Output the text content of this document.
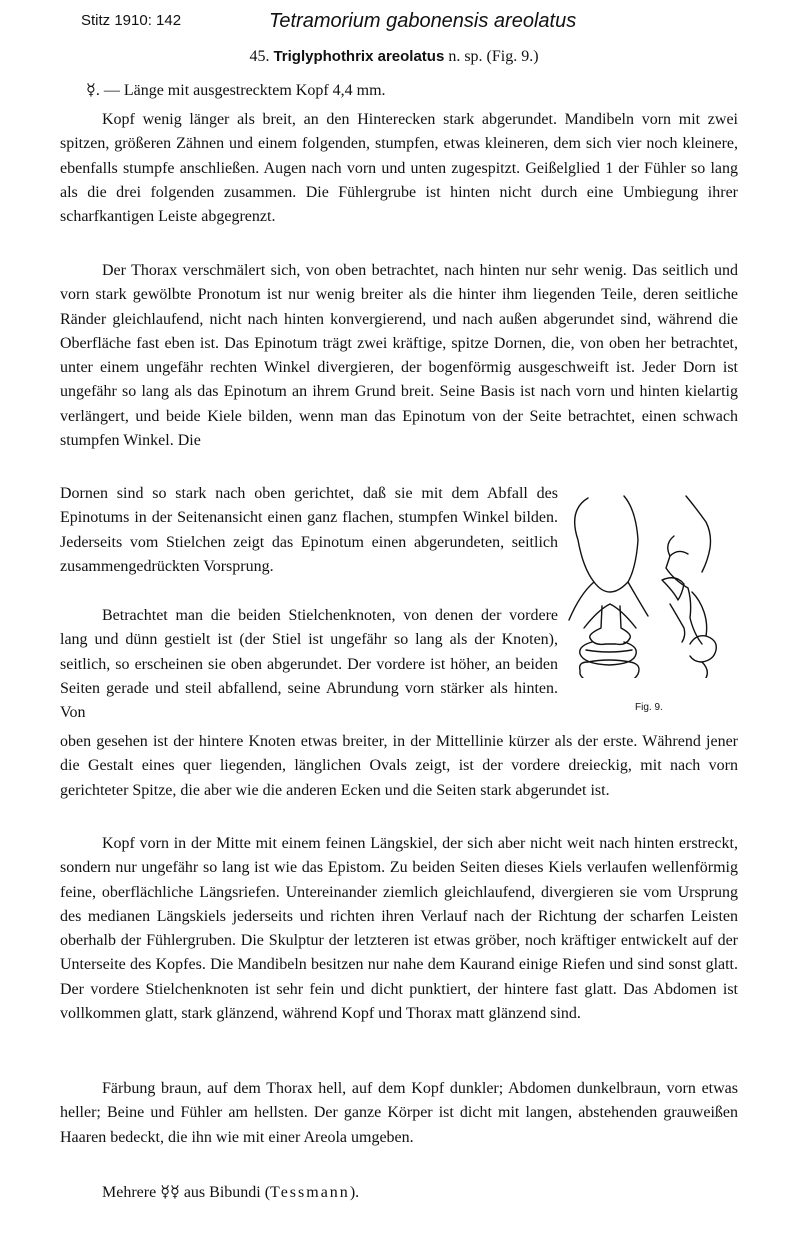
Stitz 1910: 142	Tetramorium gabonensis areolatus
45. Triglyphothrix areolatus n. sp. (Fig. 9.)
☿. — Länge mit ausgestrecktem Kopf 4,4 mm.

Kopf wenig länger als breit, an den Hinterecken stark abgerundet. Mandibeln vorn mit zwei spitzen, größeren Zähnen und einem folgenden, stumpfen, etwas kleineren, dem sich vier noch kleinere, ebenfalls stumpfe anschließen. Augen nach vorn und unten zugespitzt. Geißelglied 1 der Fühler so lang als die drei folgenden zusammen. Die Fühlergrube ist hinten nicht durch eine Umbiegung ihrer scharfkantigen Leiste abgegrenzt.

Der Thorax verschmälert sich, von oben betrachtet, nach hinten nur sehr wenig. Das seitlich und vorn stark gewölbte Pronotum ist nur wenig breiter als die hinter ihm liegenden Teile, deren seitliche Ränder gleichlaufend, nicht nach hinten konvergierend, und nach außen abgerundet sind, während die Oberfläche fast eben ist. Das Epinotum trägt zwei kräftige, spitze Dornen, die, von oben her betrachtet, unter einem ungefähr rechten Winkel divergieren, der bogenförmig ausgeschweift ist. Jeder Dorn ist ungefähr so lang als das Epinotum an ihrem Grund breit. Seine Basis ist nach vorn und hinten kielartig verlängert, und beide Kiele bilden, wenn man das Epinotum von der Seite betrachtet, einen schwach stumpfen Winkel. Die

Dornen sind so stark nach oben gerichtet, daß sie mit dem Abfall des Epinotums in der Seitenansicht einen ganz flachen, stumpfen Winkel bilden. Jederseits vom Stielchen zeigt das Epinotum einen abgerundeten, seitlich zusammengedrückten Vorsprung.

Betrachtet man die beiden Stielchenknoten, von denen der vordere lang und dünn gestielt ist (der Stiel ist ungefähr so lang als der Knoten), seitlich, so erscheinen sie oben abgerundet. Der vordere ist höher, an beiden Seiten gerade und steil abfallend, seine Abrundung vorn stärker als hinten. Von

oben gesehen ist der hintere Knoten etwas breiter, in der Mittellinie kürzer als der erste. Während jener die Gestalt eines quer liegenden, länglichen Ovals zeigt, ist der vordere dreieckig, mit nach vorn gerichteter Spitze, die aber wie die anderen Ecken und die Seiten stark abgerundet ist.

Kopf vorn in der Mitte mit einem feinen Längskiel, der sich aber nicht weit nach hinten erstreckt, sondern nur ungefähr so lang ist wie das Epistom. Zu beiden Seiten dieses Kiels verlaufen wellenförmig feine, oberflächliche Längsriefen. Untereinander ziemlich gleichlaufend, divergieren sie vom Ursprung des medianen Längskiels jederseits und richten ihren Verlauf nach der Richtung der scharfen Leisten oberhalb der Fühlergruben. Die Skulptur der letzteren ist etwas gröber, noch kräftiger entwickelt auf der Unterseite des Kopfes. Die Mandibeln besitzen nur nahe dem Kaurand einige Riefen und sind sonst glatt. Der vordere Stielchenknoten ist sehr fein und dicht punktiert, der hintere fast glatt. Das Abdomen ist vollkommen glatt, stark glänzend, während Kopf und Thorax matt glänzend sind.

Färbung braun, auf dem Thorax hell, auf dem Kopf dunkler; Abdomen dunkelbraun, vorn etwas heller; Beine und Fühler am hellsten. Der ganze Körper ist dicht mit langen, abstehenden grauweißen Haaren bedeckt, die ihn wie mit einer Areola umgeben.

Mehrere ☿☿ aus Bibundi (Tessmann).

Fig. 9.
